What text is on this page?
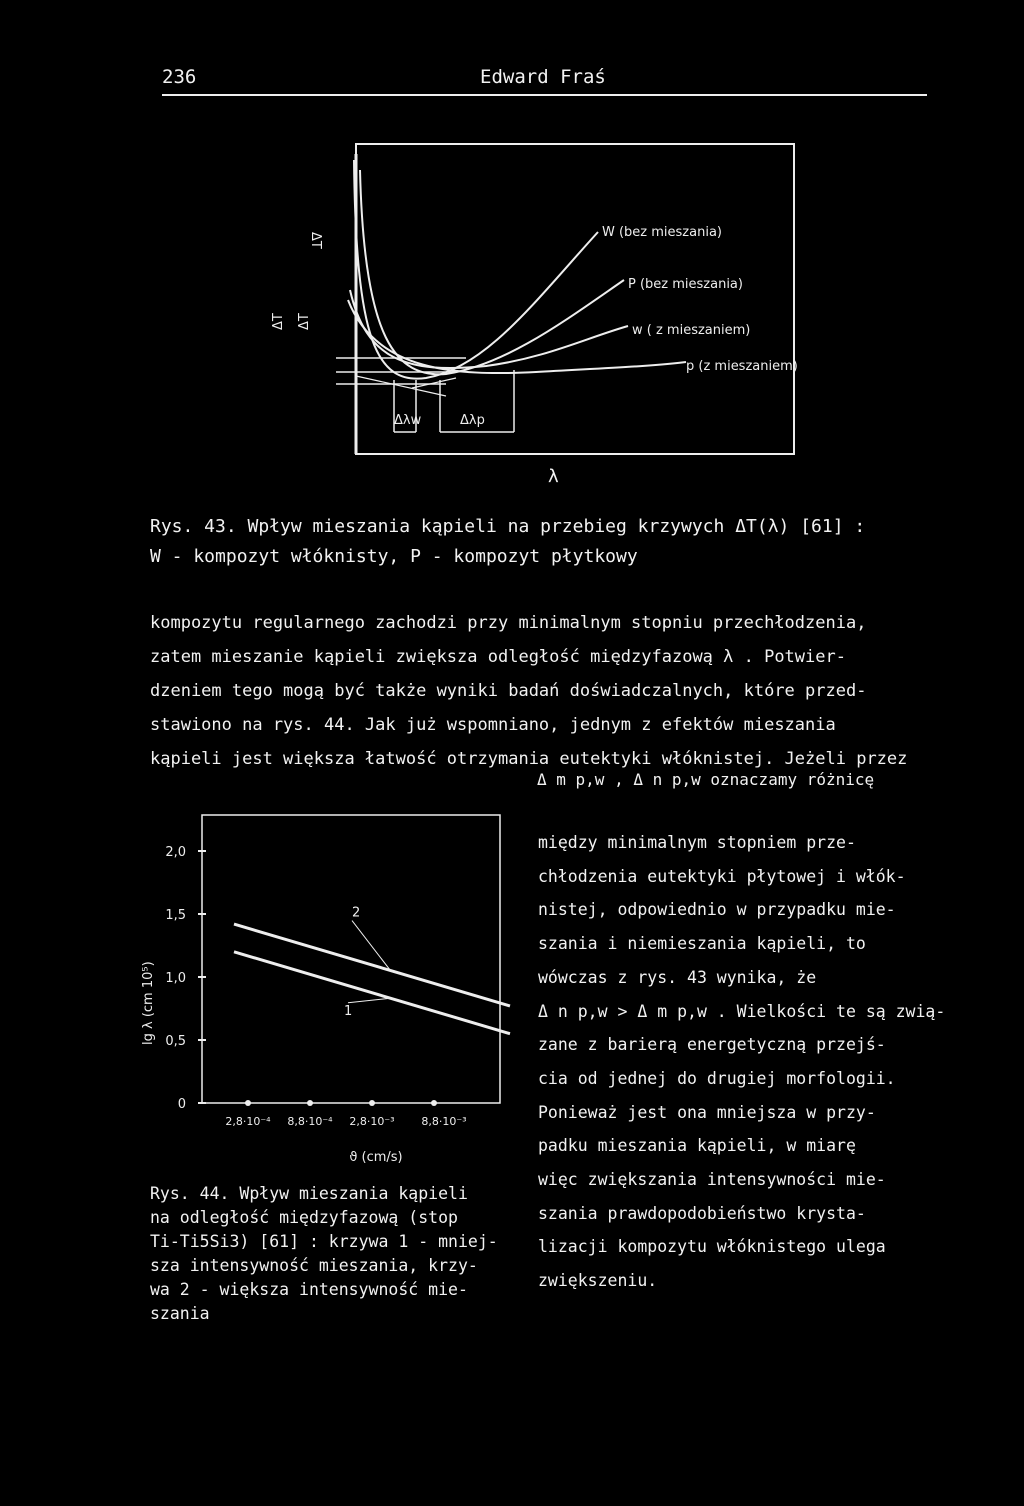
236	Edward Fraś
ΔT
ΔT ΔT
Δλw	Δλp
W (bez mieszania)
P (bez mieszania)
w ( z mieszaniem)
p (z mieszaniem)
λ
Rys. 43. Wpływ mieszania kąpieli na przebieg krzywych ΔT(λ) [61] :
W - kompozyt włóknisty, P - kompozyt płytkowy
kompozytu regularnego zachodzi przy minimalnym stopniu przechłodzenia,
zatem mieszanie kąpieli zwiększa odległość międzyfazową λ . Potwier-
dzeniem tego mogą być także wyniki badań doświadczalnych, które przed-
stawiono na rys. 44. Jak już wspomniano, jednym z efektów mieszania
kąpieli jest większa łatwość otrzymania eutektyki włóknistej. Jeżeli przez
Δ m p,w , Δ n p,w oznaczamy różnicę
między minimalnym stopniem prze-
chłodzenia eutektyki płytowej i włók-
nistej, odpowiednio w przypadku mie-
szania i niemieszania kąpieli, to
wówczas z rys. 43 wynika, że
Δ n p,w > Δ m p,w . Wielkości te są zwią-
zane z barierą energetyczną przejś-
cia od jednej do drugiej morfologii.
Ponieważ jest ona mniejsza w przy-
padku mieszania kąpieli, w miarę
więc zwiększania intensywności mie-
szania prawdopodobieństwo krysta-
lizacji kompozytu włóknistego ulega
zwiększeniu.
lg λ (cm 10⁵)
ϑ (cm/s)
0
0,5
1,0
1,5
2,0
2,8·10⁻⁴ 8,8·10⁻⁴ 2,8·10⁻³ 8,8·10⁻³
1
2
Rys. 44. Wpływ mieszania kąpieli
na odległość międzyfazową (stop
Ti-Ti5Si3) [61] : krzywa 1 - mniej-
sza intensywność mieszania, krzy-
wa 2 - większa intensywność mie-
szania
